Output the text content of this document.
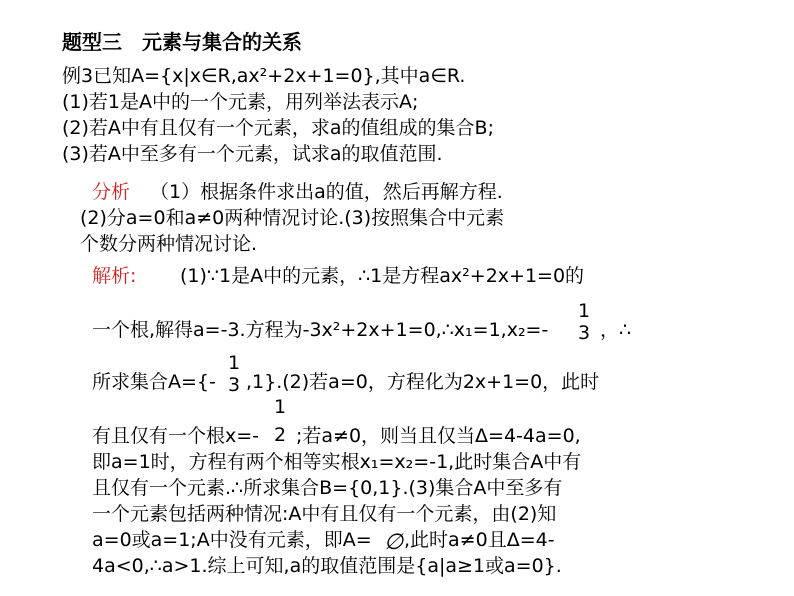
题型三　元素与集合的关系
例3已知A={x|x∈R,ax²+2x+1=0},其中a∈R.
(1)若1是A中的一个元素，用列举法表示A;
(2)若A中有且仅有一个元素，求a的值组成的集合B;
(3)若A中至多有一个元素，试求a的取值范围.
分析 （1）根据条件求出a的值，然后再解方程.
(2)分a=0和a≠0两种情况讨论.(3)按照集合中元素
个数分两种情况讨论.
解析: (1)∵1是A中的元素，∴1是方程ax²+2x+1=0的
一个根,解得a=-3.方程为-3x²+2x+1=0,∴x₁=1,x₂=-
1
3 ，∴
所求集合A={-
1
3 ,1}.(2)若a=0，方程化为2x+1=0，此时
有且仅有一个根x=-
1
2 ;若a≠0，则当且仅当Δ=4-4a=0,
即a=1时，方程有两个相等实根x₁=x₂=-1,此时集合A中有
且仅有一个元素.∴所求集合B={0,1}.(3)集合A中至多有
一个元素包括两种情况:A中有且仅有一个元素，由(2)知
a=0或a=1;A中没有元素，即A= ∅ ,此时a≠0且Δ=4-
4a<0,∴a>1.综上可知,a的取值范围是{a|a≥1或a=0}.
